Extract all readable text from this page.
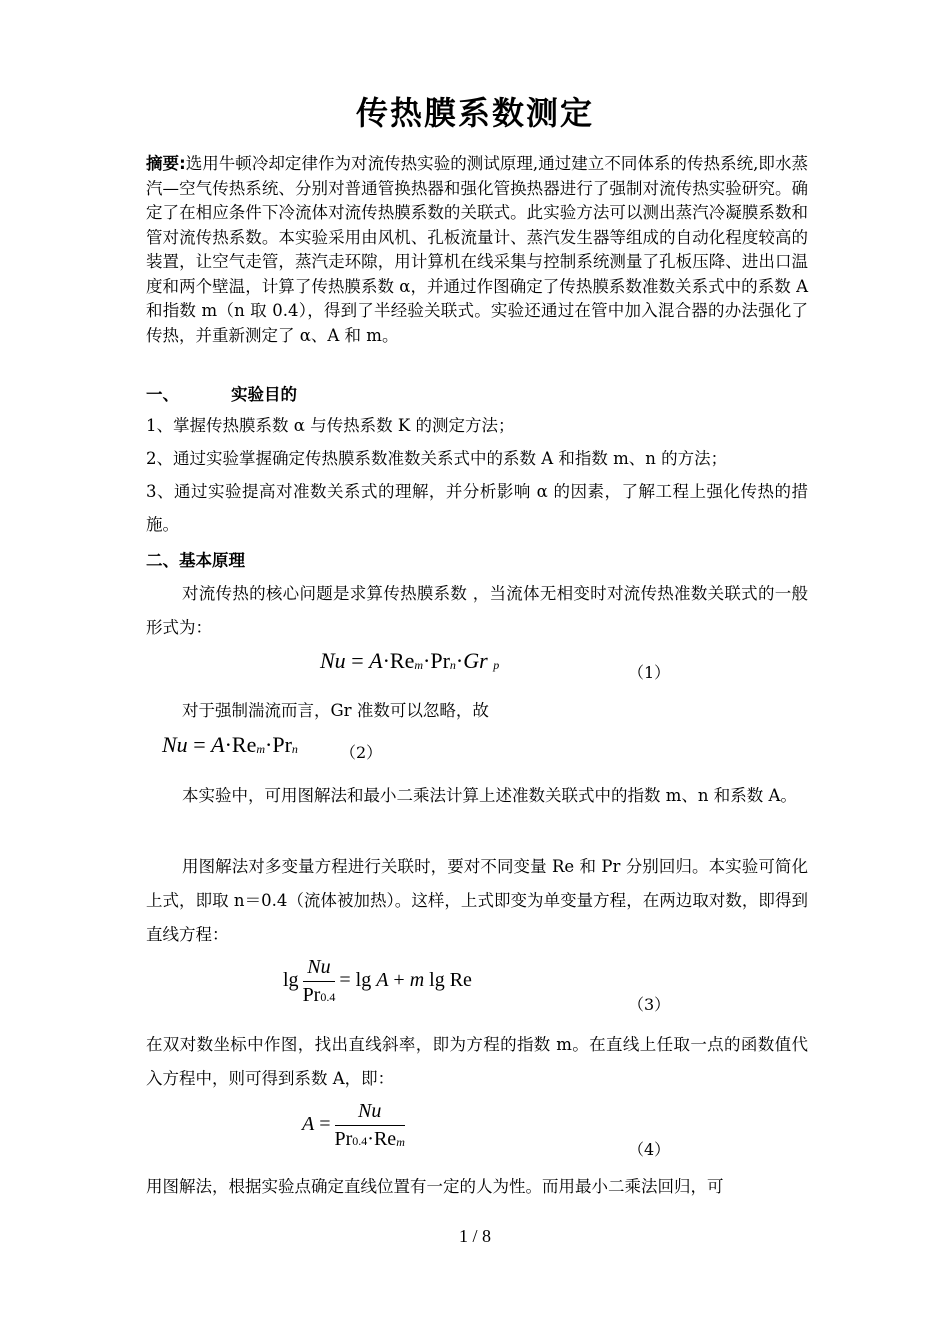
传热膜系数测定

摘要:选用牛顿冷却定律作为对流传热实验的测试原理,通过建立不同体系的传热系统,即水蒸汽—空气传热系统、分别对普通管换热器和强化管换热器进行了强制对流传热实验研究。确定了在相应条件下冷流体对流传热膜系数的关联式。此实验方法可以测出蒸汽冷凝膜系数和管对流传热系数。本实验采用由风机、孔板流量计、蒸汽发生器等组成的自动化程度较高的装置，让空气走管，蒸汽走环隙，用计算机在线采集与控制系统测量了孔板压降、进出口温度和两个壁温，计算了传热膜系数 α，并通过作图确定了传热膜系数准数关系式中的系数 A 和指数 m（n 取 0.4），得到了半经验关联式。实验还通过在管中加入混合器的办法强化了传热，并重新测定了 α、A 和 m。

一、	实验目的

1、掌握传热膜系数 α 与传热系数 K 的测定方法；

2、通过实验掌握确定传热膜系数准数关系式中的系数 A 和指数 m、n 的方法；

3、通过实验提高对准数关系式的理解，并分析影响 α 的因素，了解工程上强化传热的措施。

二、基本原理

对流传热的核心问题是求算传热膜系数 ，当流体无相变时对流传热准数关联式的一般形式为：

Nu = A·Rem·Prn·Gr p	（1）

对于强制湍流而言，Gr 准数可以忽略，故

Nu = A·Rem·Prn	（2）

本实验中，可用图解法和最小二乘法计算上述准数关联式中的指数 m、n 和系数 A。

用图解法对多变量方程进行关联时，要对不同变量 Re 和 Pr 分别回归。本实验可简化上式，即取 n＝0.4（流体被加热）。这样，上式即变为单变量方程，在两边取对数，即得到直线方程：

$\lg \frac{Nu}{Pr0.4} = \lg A + m$ lg Re
（3）

在双对数坐标中作图，找出直线斜率，即为方程的指数 m。在直线上任取一点的函数值代入方程中，则可得到系数 A，即：

$A = \frac{Nu}{\text{Pr0.4·Rem}}$	（4）

用图解法，根据实验点确定直线位置有一定的人为性。而用最小二乘法回归，可

1 / 8
